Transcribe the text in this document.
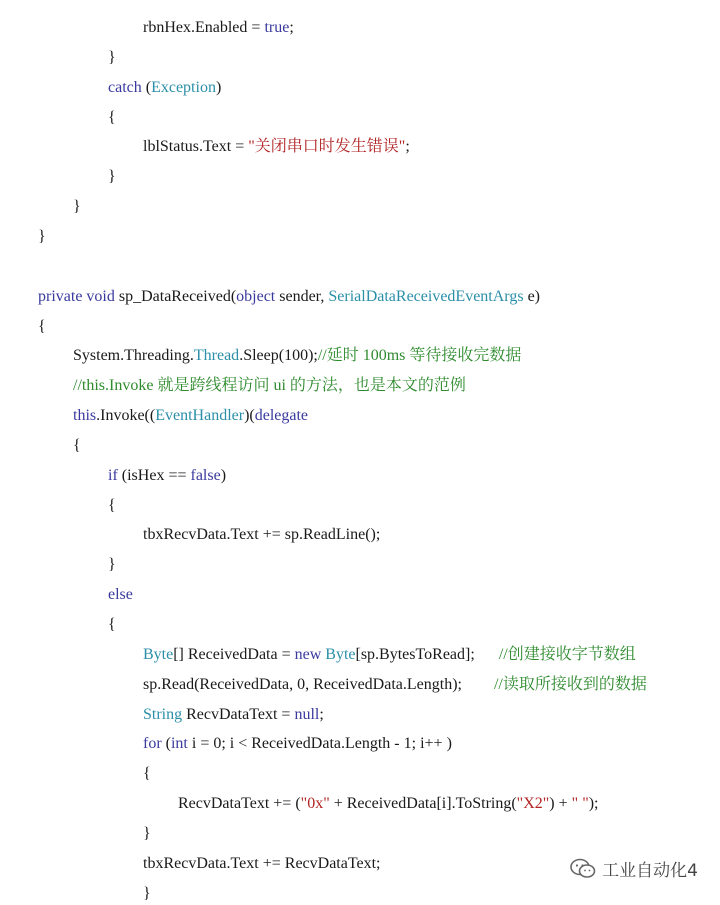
rbnHex.Enabled = true;
}
catch (Exception)
{
lblStatus.Text = "关闭串口时发生错误";
}
}
}
private void sp_DataReceived(object sender, SerialDataReceivedEventArgs e)
{
System.Threading.Thread.Sleep(100);//延时 100ms 等待接收完数据
//this.Invoke 就是跨线程访问 ui 的方法，也是本文的范例
this.Invoke((EventHandler)(delegate
{
if (isHex == false)
{
tbxRecvData.Text += sp.ReadLine();
}
else
{
Byte[] ReceivedData = new Byte[sp.BytesToRead];      //创建接收字节数组
sp.Read(ReceivedData, 0, ReceivedData.Length);        //读取所接收到的数据
String RecvDataText = null;
for (int i = 0; i < ReceivedData.Length - 1; i++ )
{
RecvDataText += ("0x" + ReceivedData[i].ToString("X2") + " ");
}
tbxRecvData.Text += RecvDataText;
}
工业自动化4
